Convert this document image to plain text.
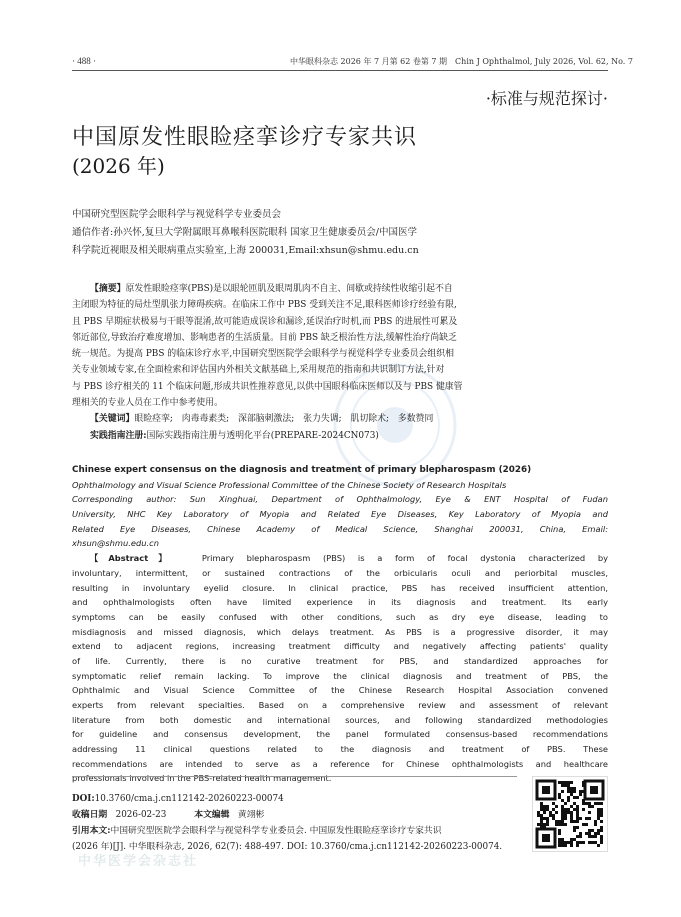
· 488 ·	中华眼科杂志 2026 年 7 月第 62 卷第 7 期　Chin J Ophthalmol, July 2026, Vol. 62, No. 7
·标准与规范探讨·
中国原发性眼睑痉挛诊疗专家共识
(2026 年)
中国研究型医院学会眼科学与视觉科学专业委员会
通信作者:孙兴怀,复旦大学附属眼耳鼻喉科医院眼科 国家卫生健康委员会/中国医学
科学院近视眼及相关眼病重点实验室,上海 200031,Email:xhsun@shmu.edu.cn
【摘要】原发性眼睑痉挛(PBS)是以眼轮匝肌及眼周肌肉不自主、间歇或持续性收缩引起不自
主闭眼为特征的局灶型肌张力障碍疾病。在临床工作中 PBS 受到关注不足,眼科医师诊疗经验有限,
且 PBS 早期症状极易与干眼等混淆,故可能造成误诊和漏诊,延误治疗时机,而 PBS 的进展性可累及
邻近部位,导致治疗难度增加、影响患者的生活质量。目前 PBS 缺乏根治性方法,缓解性治疗尚缺乏
统一规范。为提高 PBS 的临床诊疗水平,中国研究型医院学会眼科学与视觉科学专业委员会组织相
关专业领域专家,在全面检索和评估国内外相关文献基础上,采用规范的指南和共识制订方法,针对
与 PBS 诊疗相关的 11 个临床问题,形成共识性推荐意见,以供中国眼科临床医师以及与 PBS 健康管
理相关的专业人员在工作中参考使用。
【关键词】眼睑痉挛;　肉毒毒素类;　深部脑刺激法;　张力失调;　肌切除术;　多数赞同
实践指南注册:国际实践指南注册与透明化平台(PREPARE-2024CN073)
Chinese expert consensus on the diagnosis and treatment of primary blepharospasm (2026)
Ophthalmology and Visual Science Professional Committee of the Chinese Society of Research Hospitals
Corresponding author: Sun Xinghuai, Department of Ophthalmology, Eye & ENT Hospital of Fudan
University, NHC Key Laboratory of Myopia and Related Eye Diseases, Key Laboratory of Myopia and
Related Eye Diseases, Chinese Academy of Medical Science, Shanghai 200031, China, Email:
xhsun@shmu.edu.cn
【Abstract】	Primary blepharospasm (PBS) is a form of focal dystonia characterized by
involuntary, intermittent, or sustained contractions of the orbicularis oculi and periorbital muscles,
resulting in involuntary eyelid closure. In clinical practice, PBS has received insufficient attention,
and ophthalmologists often have limited experience in its diagnosis and treatment. Its early
symptoms can be easily confused with other conditions, such as dry eye disease, leading to
misdiagnosis and missed diagnosis, which delays treatment. As PBS is a progressive disorder, it may
extend to adjacent regions, increasing treatment difficulty and negatively affecting patients' quality
of life. Currently, there is no curative treatment for PBS, and standardized approaches for
symptomatic relief remain lacking. To improve the clinical diagnosis and treatment of PBS, the
Ophthalmic and Visual Science Committee of the Chinese Research Hospital Association convened
experts from relevant specialties. Based on a comprehensive review and assessment of relevant
literature from both domestic and international sources, and following standardized methodologies
for guideline and consensus development, the panel formulated consensus-based recommendations
addressing 11 clinical questions related to the diagnosis and treatment of PBS. These
recommendations are intended to serve as a reference for Chinese ophthalmologists and healthcare
professionals involved in the PBS-related health management.
DOI:10.3760/cma.j.cn112142-20260223-00074
收稿日期 2026-02-23	本文编辑 黄翊彬
引用本文:中国研究型医院学会眼科学与视觉科学专业委员会. 中国原发性眼睑痉挛诊疗专家共识
(2026 年)[J]. 中华眼科杂志, 2026, 62(7): 488-497. DOI: 10.3760/cma.j.cn112142-20260223-00074.
中华医学会杂志社
